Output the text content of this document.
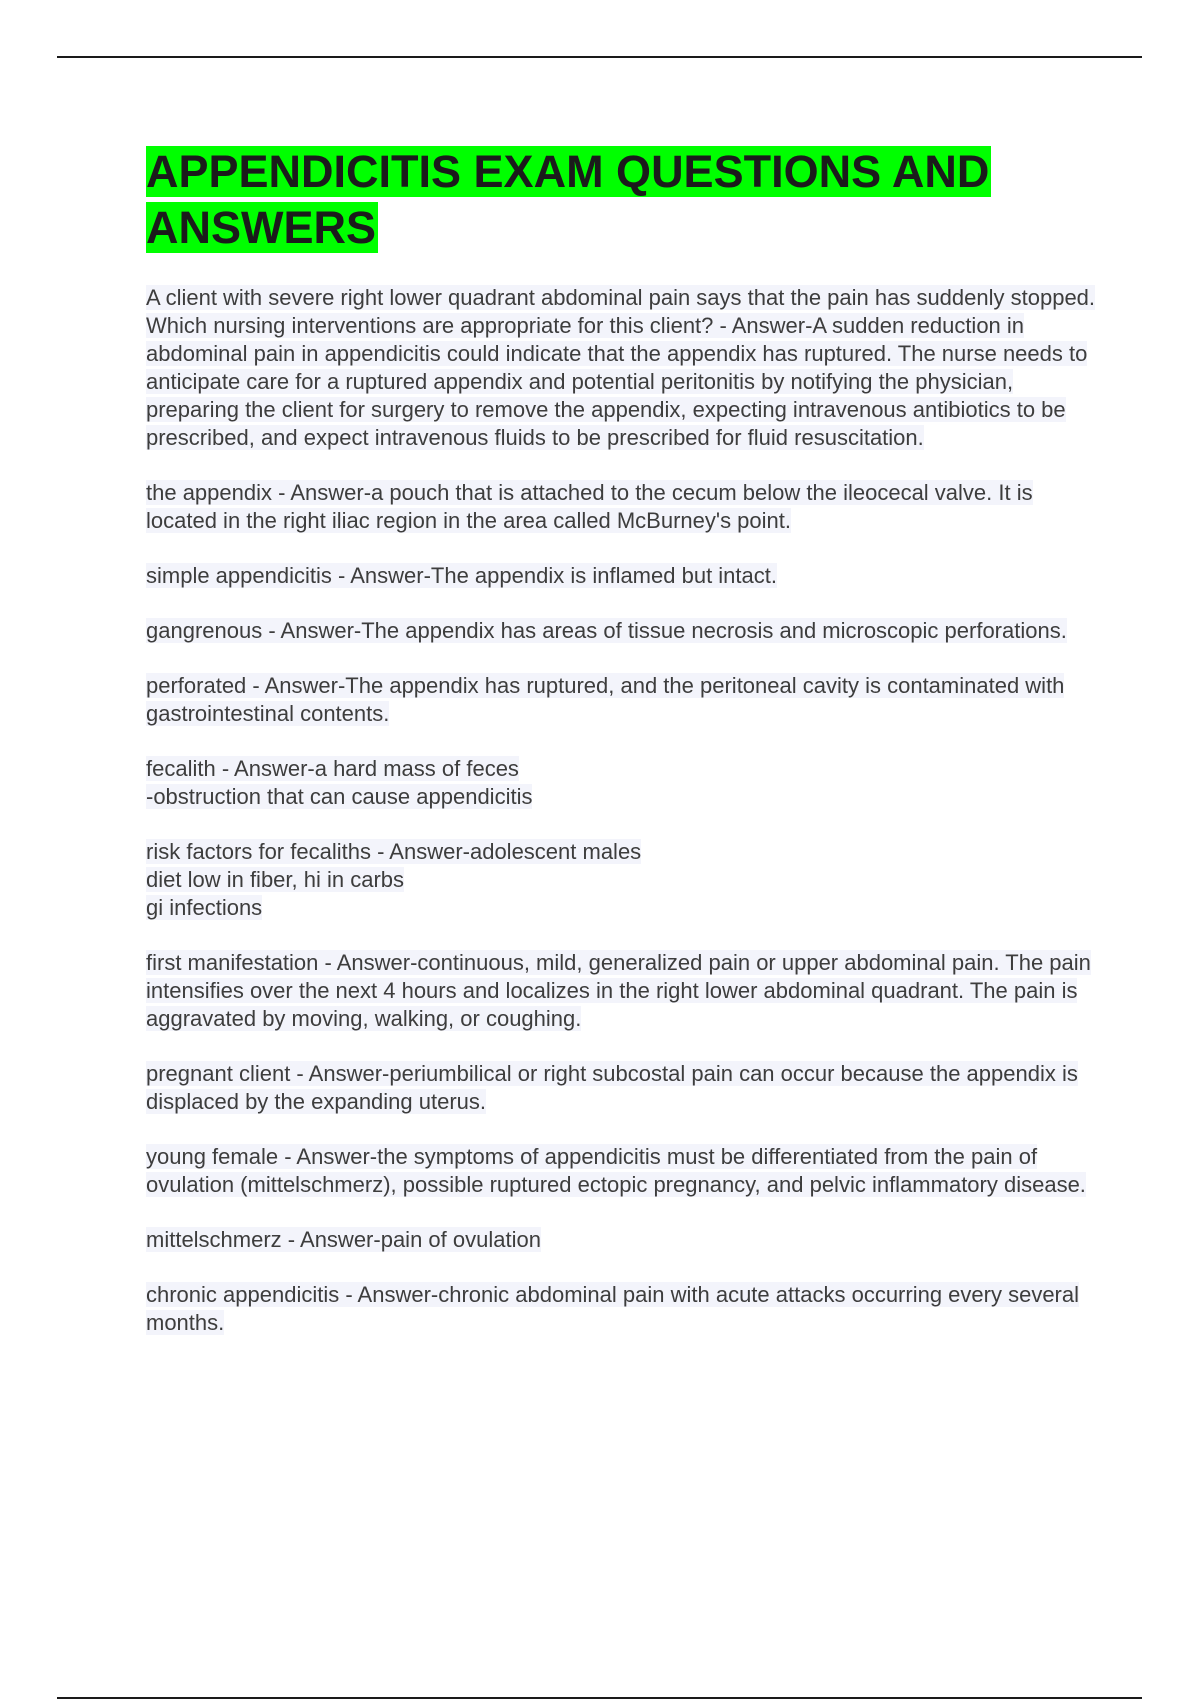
APPENDICITIS EXAM QUESTIONS AND ANSWERS
A client with severe right lower quadrant abdominal pain says that the pain has suddenly stopped. Which nursing interventions are appropriate for this client? - Answer-A sudden reduction in abdominal pain in appendicitis could indicate that the appendix has ruptured. The nurse needs to anticipate care for a ruptured appendix and potential peritonitis by notifying the physician, preparing the client for surgery to remove the appendix, expecting intravenous antibiotics to be prescribed, and expect intravenous fluids to be prescribed for fluid resuscitation.
the appendix - Answer-a pouch that is attached to the cecum below the ileocecal valve. It is located in the right iliac region in the area called McBurney's point.
simple appendicitis - Answer-The appendix is inflamed but intact.
gangrenous - Answer-The appendix has areas of tissue necrosis and microscopic perforations.
perforated - Answer-The appendix has ruptured, and the peritoneal cavity is contaminated with gastrointestinal contents.
fecalith - Answer-a hard mass of feces
-obstruction that can cause appendicitis
risk factors for fecaliths - Answer-adolescent males
diet low in fiber, hi in carbs
gi infections
first manifestation - Answer-continuous, mild, generalized pain or upper abdominal pain. The pain intensifies over the next 4 hours and localizes in the right lower abdominal quadrant. The pain is aggravated by moving, walking, or coughing.
pregnant client - Answer-periumbilical or right subcostal pain can occur because the appendix is displaced by the expanding uterus.
young female - Answer-the symptoms of appendicitis must be differentiated from the pain of ovulation (mittelschmerz), possible ruptured ectopic pregnancy, and pelvic inflammatory disease.
mittelschmerz - Answer-pain of ovulation
chronic appendicitis - Answer-chronic abdominal pain with acute attacks occurring every several months.
